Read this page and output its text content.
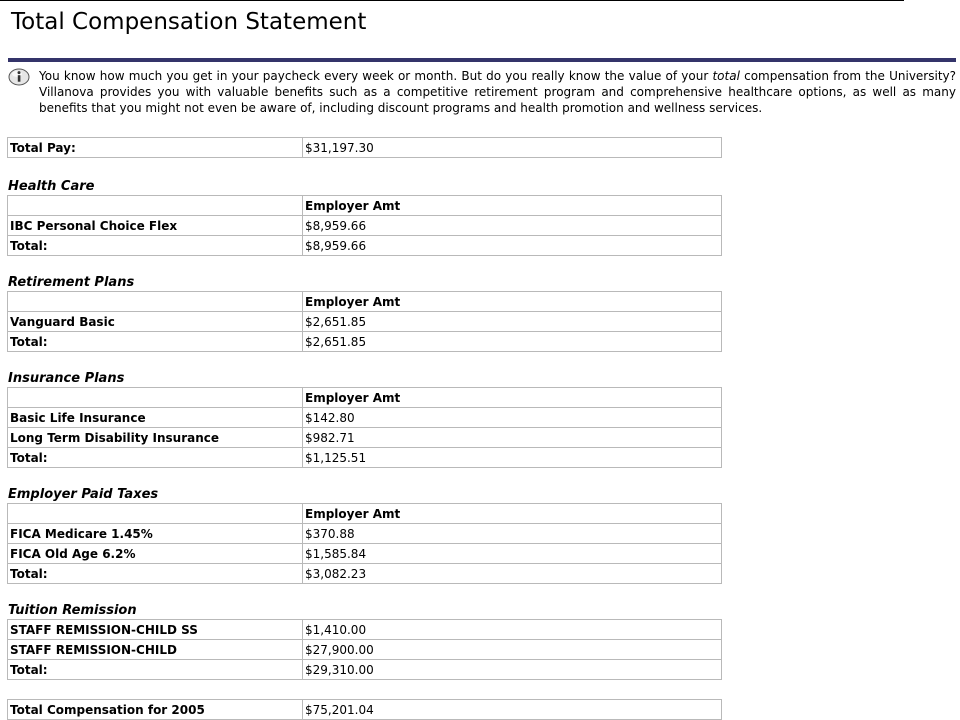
Total Compensation Statement
You know how much you get in your paycheck every week or month. But do you really know the value of your total compensation from the University? Villanova provides you with valuable benefits such as a competitive retirement program and comprehensive healthcare options, as well as many benefits that you might not even be aware of, including discount programs and health promotion and wellness services.
Total Pay:	$31,197.30
Health Care
	Employer Amt
IBC Personal Choice Flex	$8,959.66
Total:	$8,959.66
Retirement Plans
	Employer Amt
Vanguard Basic	$2,651.85
Total:	$2,651.85
Insurance Plans
	Employer Amt
Basic Life Insurance	$142.80
Long Term Disability Insurance	$982.71
Total:	$1,125.51
Employer Paid Taxes
	Employer Amt
FICA Medicare 1.45%	$370.88
FICA Old Age 6.2%	$1,585.84
Total:	$3,082.23
Tuition Remission
STAFF REMISSION-CHILD SS	$1,410.00
STAFF REMISSION-CHILD	$27,900.00
Total:	$29,310.00
Total Compensation for 2005	$75,201.04
